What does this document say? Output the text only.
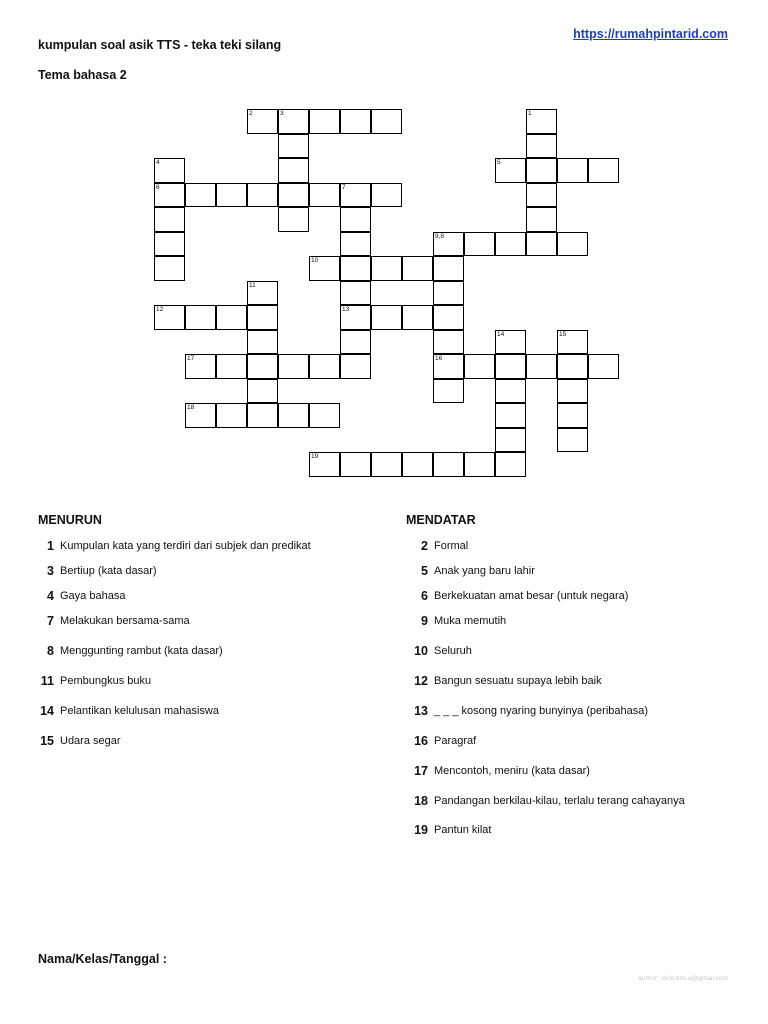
https://rumahpintarid.com
kumpulan soal asik TTS - teka teki silang
Tema bahasa 2
2	3	1
4	5
6	7
9,8
10
11
12	13
14	15
17	16
18
19
MENURUN	MENDATAR
1 Kumpulan kata yang terdiri dari subjek dan predikat
3 Bertiup (kata dasar)
4 Gaya bahasa
7 Melakukan bersama-sama
8 Menggunting rambut (kata dasar)
11 Pembungkus buku
14 Pelantikan kelulusan mahasiswa
15 Udara segar
2 Formal
5 Anak yang baru lahir
6 Berkekuatan amat besar (untuk negara)
9 Muka memutih
10 Seluruh
12 Bangun sesuatu supaya lebih baik
13 _ _ _ kosong nyaring bunyinya (peribahasa)
16 Paragraf
17 Mencontoh, meniru (kata dasar)
18 Pandangan berkilau-kilau, terlalu terang cahayanya
19 Pantun kilat
Nama/Kelas/Tanggal :
author : dino.kris.a@gmail.com
